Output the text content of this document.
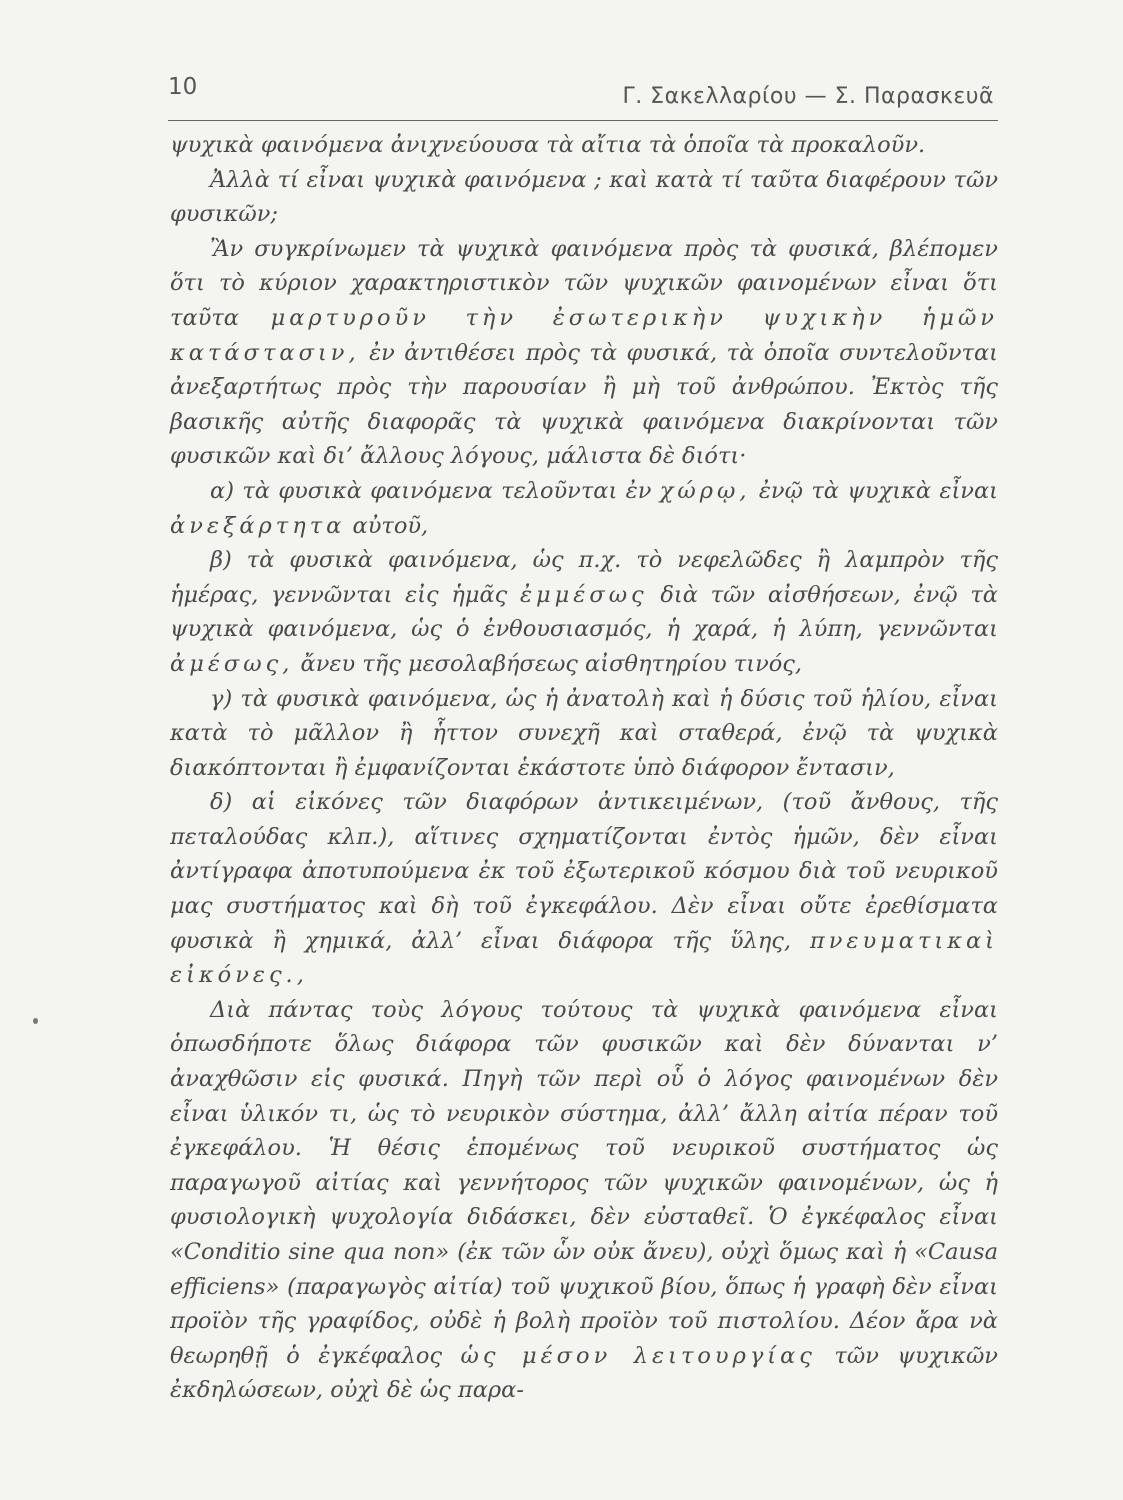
10	Γ. Σακελλαρίου — Σ. Παρασκευᾶ

ψυχικὰ φαινόμενα ἀνιχνεύουσα τὰ αἴτια τὰ ὁποῖα τὰ προκαλοῦν.

Ἀλλὰ τί εἶναι ψυχικὰ φαινόμενα ; καὶ κατὰ τί ταῦτα διαφέρουν τῶν φυσικῶν;

Ἂν συγκρίνωμεν τὰ ψυχικὰ φαινόμενα πρὸς τὰ φυσικά, βλέπομεν ὅτι τὸ κύριον χαρακτηριστικὸν τῶν ψυχικῶν φαινομένων εἶναι ὅτι ταῦτα μαρτυροῦν τὴν ἐσωτερικὴν ψυχικὴν ἡμῶν κατάστασιν, ἐν ἀντιθέσει πρὸς τὰ φυσικά, τὰ ὁποῖα συντελοῦνται ἀνεξαρτήτως πρὸς τὴν παρουσίαν ἢ μὴ τοῦ ἀνθρώπου. Ἐκτὸς τῆς βασικῆς αὐτῆς διαφορᾶς τὰ ψυχικὰ φαινόμενα διακρίνονται τῶν φυσικῶν καὶ δι’ ἄλλους λόγους, μάλιστα δὲ διότι·

α) τὰ φυσικὰ φαινόμενα τελοῦνται ἐν χώρῳ, ἐνῷ τὰ ψυχικὰ εἶναι ἀνεξάρτητα αὐτοῦ,

β) τὰ φυσικὰ φαινόμενα, ὡς π.χ. τὸ νεφελῶδες ἢ λαμπρὸν τῆς ἡμέρας, γεννῶνται εἰς ἡμᾶς ἐμμέσως διὰ τῶν αἰσθήσεων, ἐνῷ τὰ ψυχικὰ φαινόμενα, ὡς ὁ ἐνθουσιασμός, ἡ χαρά, ἡ λύπη, γεννῶνται ἀμέσως, ἄνευ τῆς μεσολαβήσεως αἰσθητηρίου τινός,

γ) τὰ φυσικὰ φαινόμενα, ὡς ἡ ἀνατολὴ καὶ ἡ δύσις τοῦ ἡλίου, εἶναι κατὰ τὸ μᾶλλον ἢ ἧττον συνεχῆ καὶ σταθερά, ἐνῷ τὰ ψυχικὰ διακόπτονται ἢ ἐμφανίζονται ἑκάστοτε ὑπὸ διάφορον ἔντασιν,

δ) αἱ εἰκόνες τῶν διαφόρων ἀντικειμένων, (τοῦ ἄνθους, τῆς πεταλούδας κλπ.), αἵτινες σχηματίζονται ἐντὸς ἡμῶν, δὲν εἶναι ἀντίγραφα ἀποτυπούμενα ἐκ τοῦ ἐξωτερικοῦ κόσμου διὰ τοῦ νευρικοῦ μας συστήματος καὶ δὴ τοῦ ἐγκεφάλου. Δὲν εἶναι οὔτε ἐρεθίσματα φυσικὰ ἢ χημικά, ἀλλ’ εἶναι διάφορα τῆς ὕλης, πνευματικαὶ εἰκόνες.,

Διὰ πάντας τοὺς λόγους τούτους τὰ ψυχικὰ φαινόμενα εἶναι ὁπωσδήποτε ὅλως διάφορα τῶν φυσικῶν καὶ δὲν δύνανται ν’ ἀναχθῶσιν εἰς φυσικά. Πηγὴ τῶν περὶ οὗ ὁ λόγος φαινομένων δὲν εἶναι ὑλικόν τι, ὡς τὸ νευρικὸν σύστημα, ἀλλ’ ἄλλη αἰτία πέραν τοῦ ἐγκεφάλου. Ἡ θέσις ἑπομένως τοῦ νευρικοῦ συστήματος ὡς παραγωγοῦ αἰτίας καὶ γεννήτορος τῶν ψυχικῶν φαινομένων, ὡς ἡ φυσιολογικὴ ψυχολογία διδάσκει, δὲν εὐσταθεῖ. Ὁ ἐγκέφαλος εἶναι «Conditio sine qua non» (ἐκ τῶν ὧν οὐκ ἄνευ), οὐχὶ ὅμως καὶ ἡ «Causa efficiens» (παραγωγὸς αἰτία) τοῦ ψυχικοῦ βίου, ὅπως ἡ γραφὴ δὲν εἶναι προϊὸν τῆς γραφίδος, οὐδὲ ἡ βολὴ προϊὸν τοῦ πιστολίου. Δέον ἄρα νὰ θεωρηθῇ ὁ ἐγκέφαλος ὡς μέσον λειτουργίας τῶν ψυχικῶν ἐκδηλώσεων, οὐχὶ δὲ ὡς παρα-
